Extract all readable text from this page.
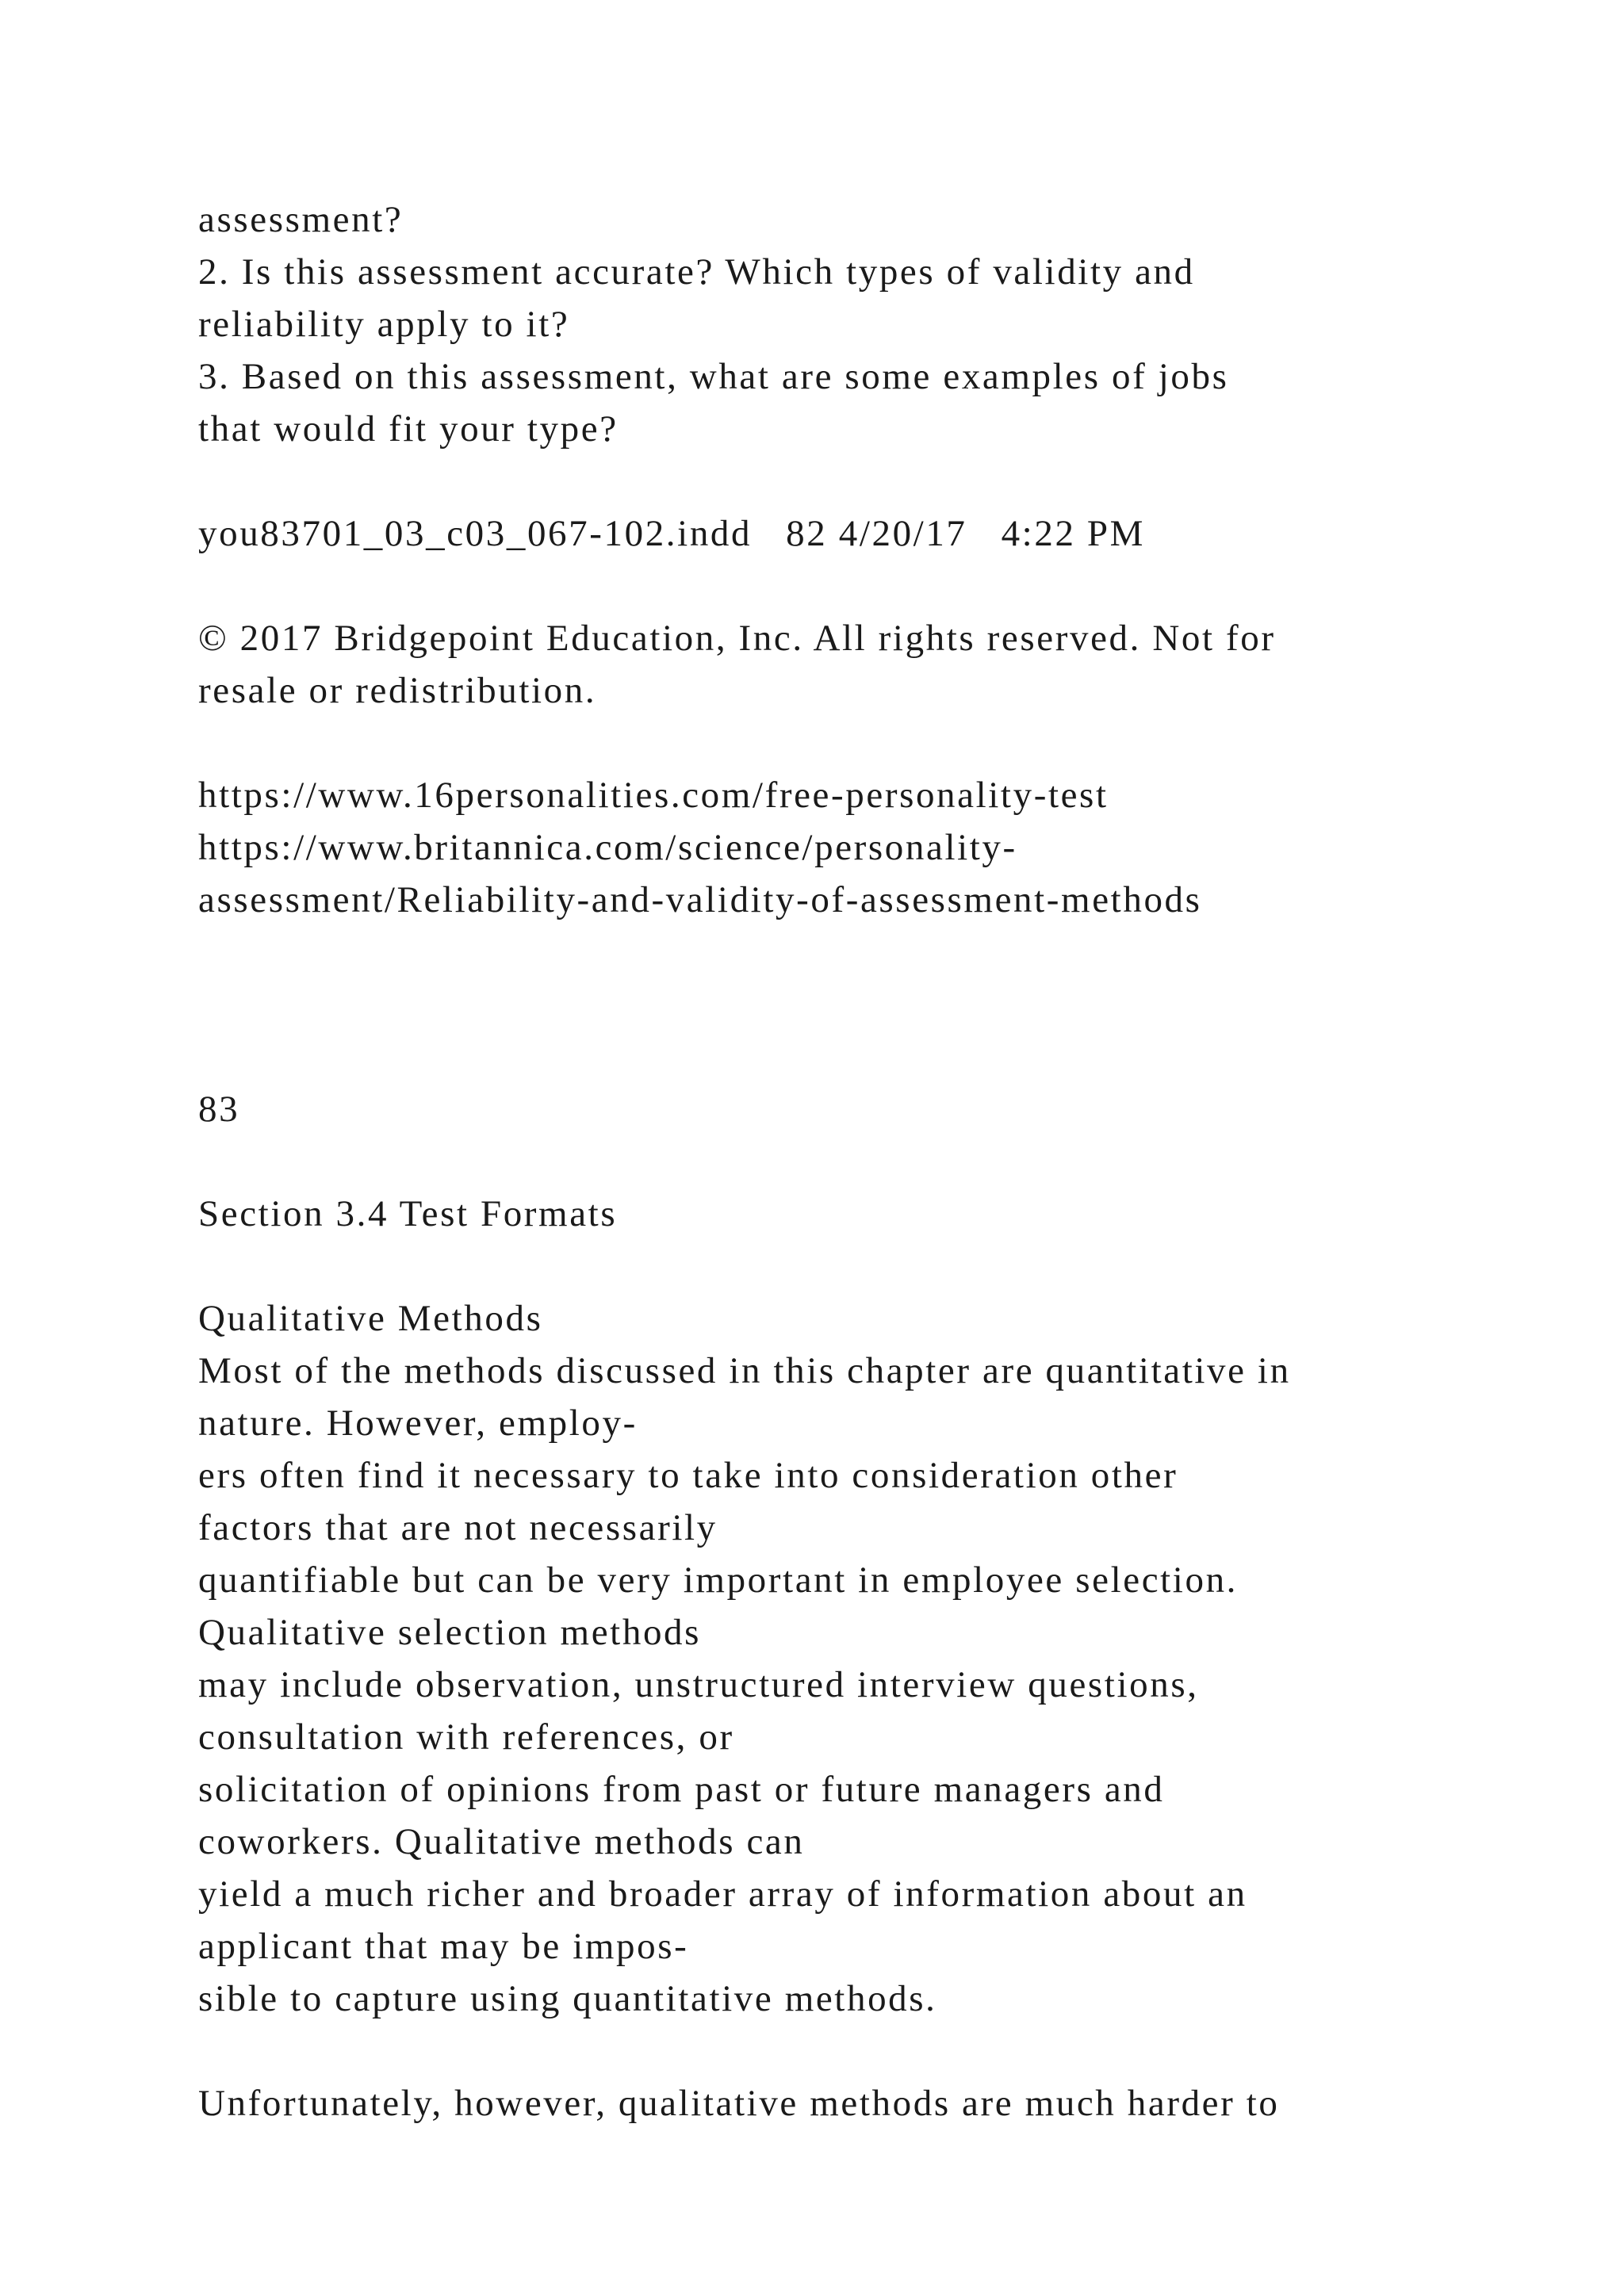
assessment?
2. Is this assessment accurate? Which types of validity and
reliability apply to it?
3. Based on this assessment, what are some examples of jobs
that would fit your type?
you83701_03_c03_067-102.indd   82 4/20/17   4:22 PM
© 2017 Bridgepoint Education, Inc. All rights reserved. Not for
resale or redistribution.
https://www.16personalities.com/free-personality-test
https://www.britannica.com/science/personality-
assessment/Reliability-and-validity-of-assessment-methods
83
Section 3.4 Test Formats
Qualitative Methods
Most of the methods discussed in this chapter are quantitative in
nature. However, employ-
ers often find it necessary to take into consideration other
factors that are not necessarily
quantifiable but can be very important in employee selection.
Qualitative selection methods
may include observation, unstructured interview questions,
consultation with references, or
solicitation of opinions from past or future managers and
coworkers. Qualitative methods can
yield a much richer and broader array of information about an
applicant that may be impos-
sible to capture using quantitative methods.
Unfortunately, however, qualitative methods are much harder to
